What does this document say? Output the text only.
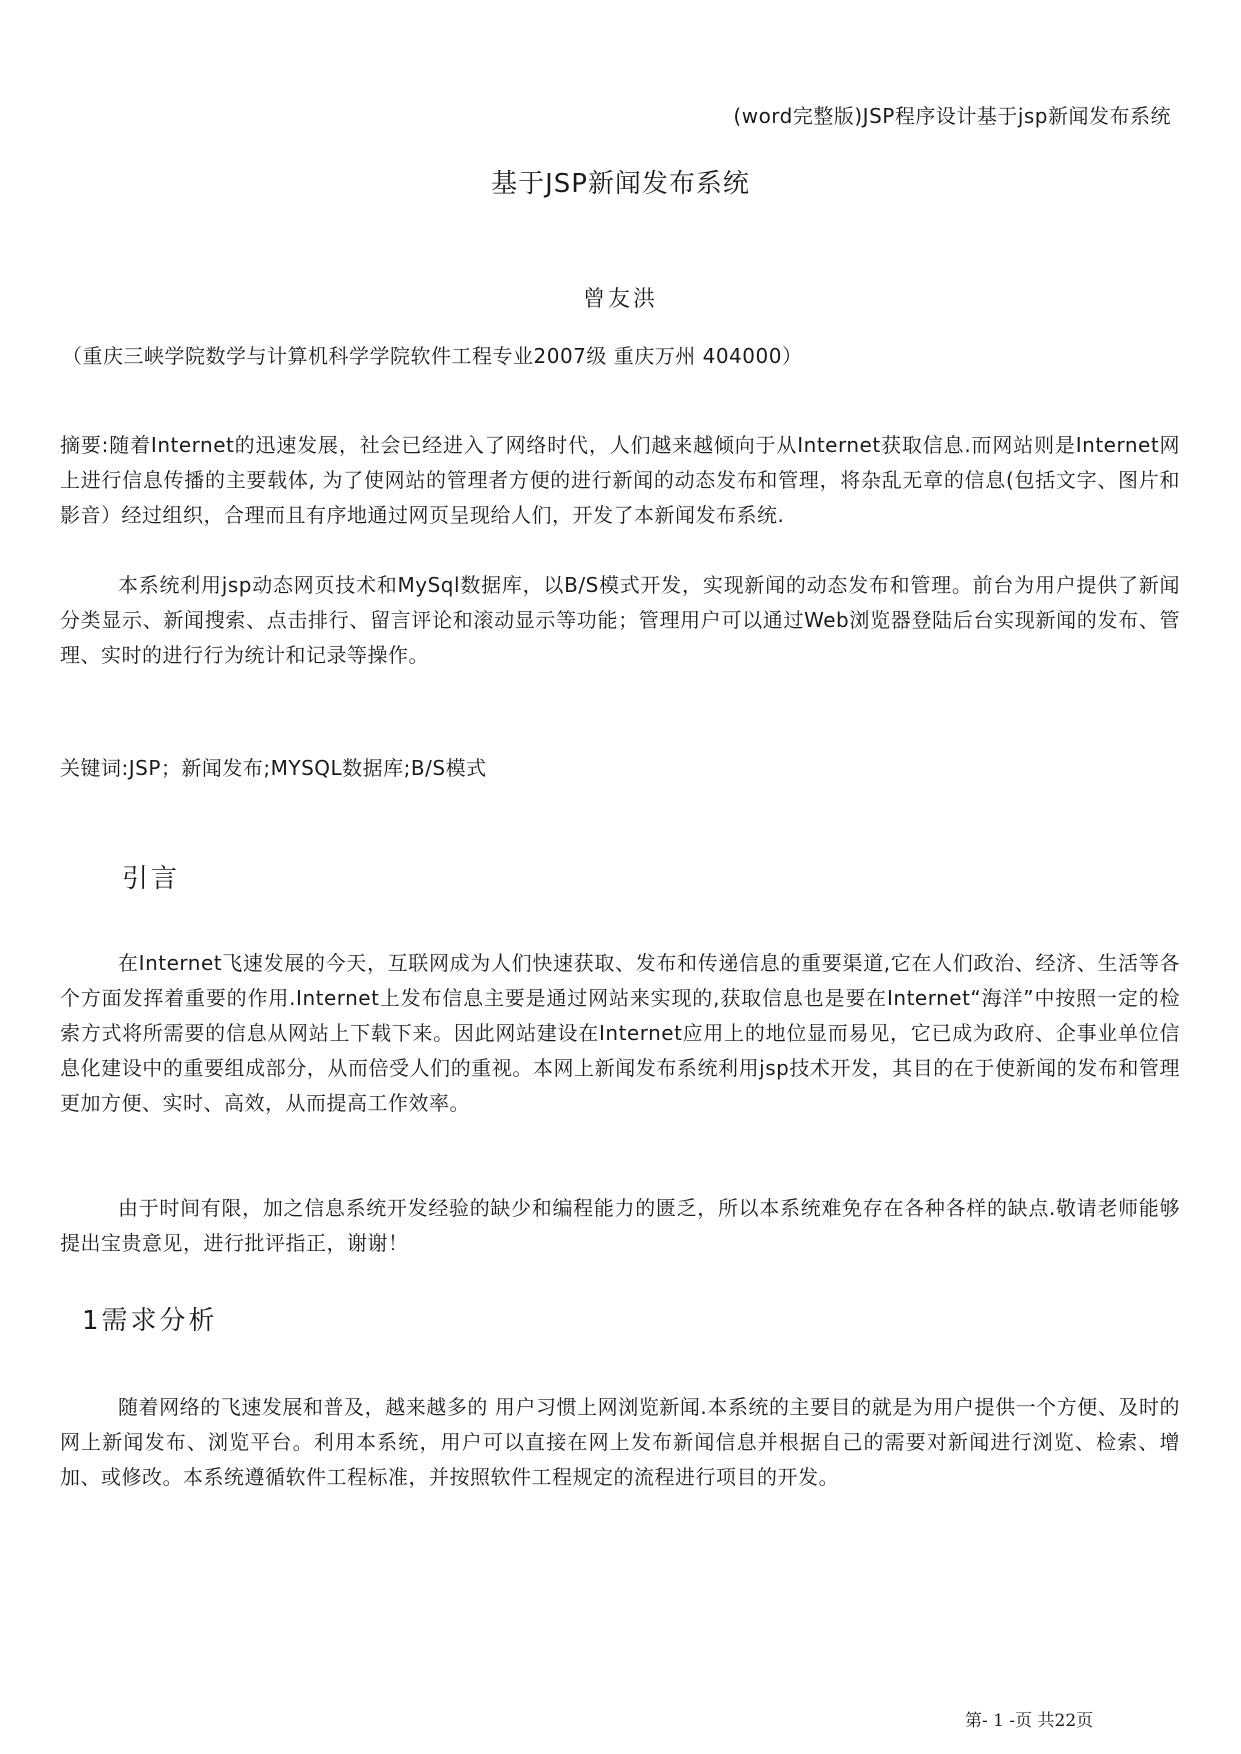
(word完整版)JSP程序设计基于jsp新闻发布系统
基于JSP新闻发布系统
曾友洪
（重庆三峡学院数学与计算机科学学院软件工程专业2007级 重庆万州 404000）
摘要:随着Internet的迅速发展，社会已经进入了网络时代，人们越来越倾向于从Internet获取信息.而网站则是Internet网上进行信息传播的主要载体, 为了使网站的管理者方便的进行新闻的动态发布和管理，将杂乱无章的信息(包括文字、图片和影音）经过组织，合理而且有序地通过网页呈现给人们，开发了本新闻发布系统.
本系统利用jsp动态网页技术和MySql数据库，以B/S模式开发，实现新闻的动态发布和管理。前台为用户提供了新闻分类显示、新闻搜索、点击排行、留言评论和滚动显示等功能；管理用户可以通过Web浏览器登陆后台实现新闻的发布、管理、实时的进行行为统计和记录等操作。
关键词:JSP；新闻发布;MYSQL数据库;B/S模式
引言
在Internet飞速发展的今天，互联网成为人们快速获取、发布和传递信息的重要渠道,它在人们政治、经济、生活等各个方面发挥着重要的作用.Internet上发布信息主要是通过网站来实现的,获取信息也是要在Internet“海洋”中按照一定的检索方式将所需要的信息从网站上下载下来。因此网站建设在Internet应用上的地位显而易见，它已成为政府、企事业单位信息化建设中的重要组成部分，从而倍受人们的重视。本网上新闻发布系统利用jsp技术开发，其目的在于使新闻的发布和管理更加方便、实时、高效，从而提高工作效率。
由于时间有限，加之信息系统开发经验的缺少和编程能力的匮乏，所以本系统难免存在各种各样的缺点.敬请老师能够提出宝贵意见，进行批评指正，谢谢！
1需求分析
随着网络的飞速发展和普及，越来越多的 用户习惯上网浏览新闻.本系统的主要目的就是为用户提供一个方便、及时的网上新闻发布、浏览平台。利用本系统，用户可以直接在网上发布新闻信息并根据自己的需要对新闻进行浏览、检索、增加、或修改。本系统遵循软件工程标准，并按照软件工程规定的流程进行项目的开发。
第- 1 -页 共22页
